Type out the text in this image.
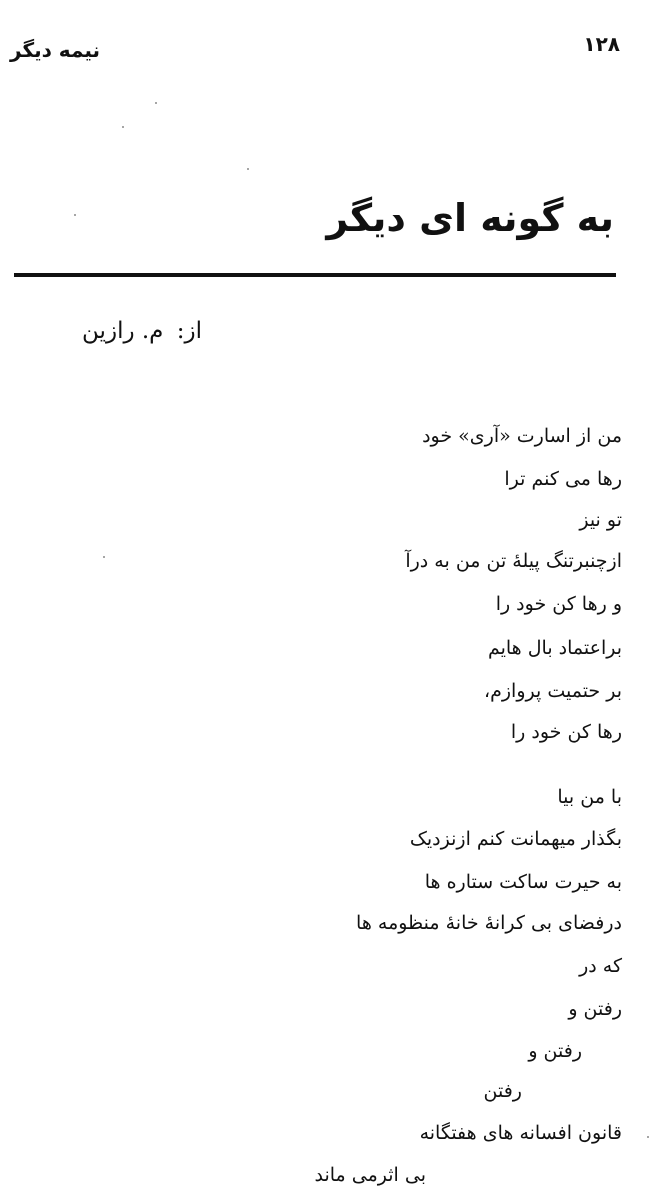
نیمه دیگر	۱۲۸
به گونه ای دیگر
از: م. رازین
من از اسارت «آری» خود
رها می کنم ترا
تو نیز
ازچنبرتنگ پیلهٔ تن من به درآ
و رها کن خود را
براعتماد بال هایم
بر حتمیت پروازم،
رها کن خود را
با من بیا
بگذار میهمانت کنم ازنزدیک
به حیرت ساکت ستاره ها
درفضای بی کرانهٔ خانهٔ منظومه ها
که در
رفتن و
رفتن و
رفتن
قانون افسانه های هفتگانه
بی اثرمی ماند
